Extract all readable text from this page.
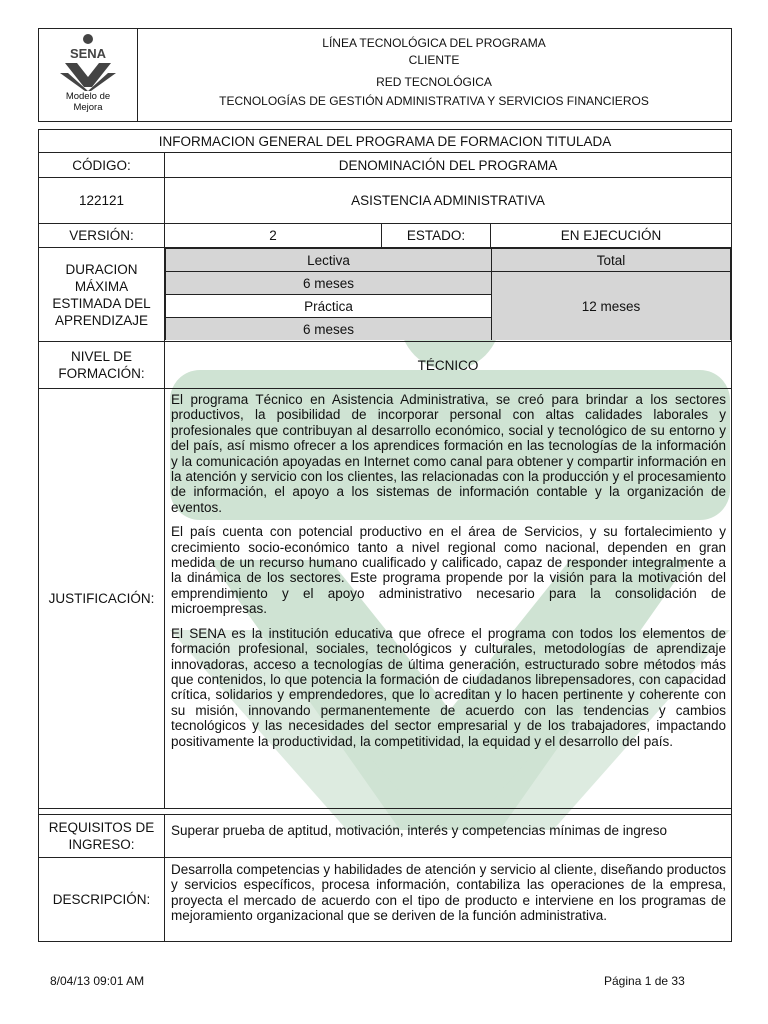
SENA
Modelo de
Mejora
LÍNEA TECNOLÓGICA DEL PROGRAMA
CLIENTE
RED TECNOLÓGICA
TECNOLOGÍAS DE GESTIÓN ADMINISTRATIVA Y SERVICIOS FINANCIEROS
INFORMACION GENERAL DEL PROGRAMA DE FORMACION TITULADA
CÓDIGO:	DENOMINACIÓN DEL PROGRAMA
122121	ASISTENCIA ADMINISTRATIVA
VERSIÓN:	2	ESTADO:	EN EJECUCIÓN
DURACION MÁXIMA ESTIMADA DEL APRENDIZAJE	
Lectiva	Total
6 meses	12 meses
Práctica
6 meses

NIVEL DE FORMACIÓN:	TÉCNICO
JUSTIFICACIÓN:	

El programa Técnico en Asistencia Administrativa, se creó para brindar a los sectores productivos, la posibilidad de incorporar personal con altas calidades laborales y profesionales que contribuyan al desarrollo económico, social y tecnológico de su entorno y del país, así mismo ofrecer a los aprendices formación en las tecnologías de la información y la comunicación apoyadas en Internet como canal para obtener y compartir información en la atención y servicio con los clientes, las relacionadas con la producción y el procesamiento de información, el apoyo a los sistemas de información contable y la organización de eventos.

El país cuenta con potencial productivo en el área de Servicios, y su fortalecimiento y crecimiento socio-económico tanto a nivel regional como nacional, dependen en gran medida de un recurso humano cualificado y calificado, capaz de responder integralmente a la dinámica de los sectores. Este programa propende por la visión para la motivación del emprendimiento y el apoyo administrativo necesario para la consolidación de microempresas.

El SENA es la institución educativa que ofrece el programa con todos los elementos de formación profesional, sociales, tecnológicos y culturales, metodologías de aprendizaje innovadoras, acceso a tecnologías de última generación, estructurado sobre métodos más que contenidos, lo que potencia la formación de ciudadanos librepensadores, con capacidad crítica, solidarios y emprendedores, que lo acreditan y lo hacen pertinente y coherente con su misión, innovando permanentemente de acuerdo con las tendencias y cambios tecnológicos y las necesidades del sector empresarial y de los trabajadores, impactando positivamente la productividad, la competitividad, la equidad y el desarrollo del país.

REQUISITOS DE INGRESO:	Superar prueba de aptitud, motivación, interés y competencias mínimas de ingreso
DESCRIPCIÓN:	Desarrolla competencias y habilidades de atención y servicio al cliente, diseñando productos y servicios específicos, procesa información, contabiliza las operaciones de la empresa, proyecta el mercado de acuerdo con el tipo de producto e interviene en los programas de mejoramiento organizacional que se deriven de la función administrativa.
8/04/13 09:01 AM	Página 1 de 33
